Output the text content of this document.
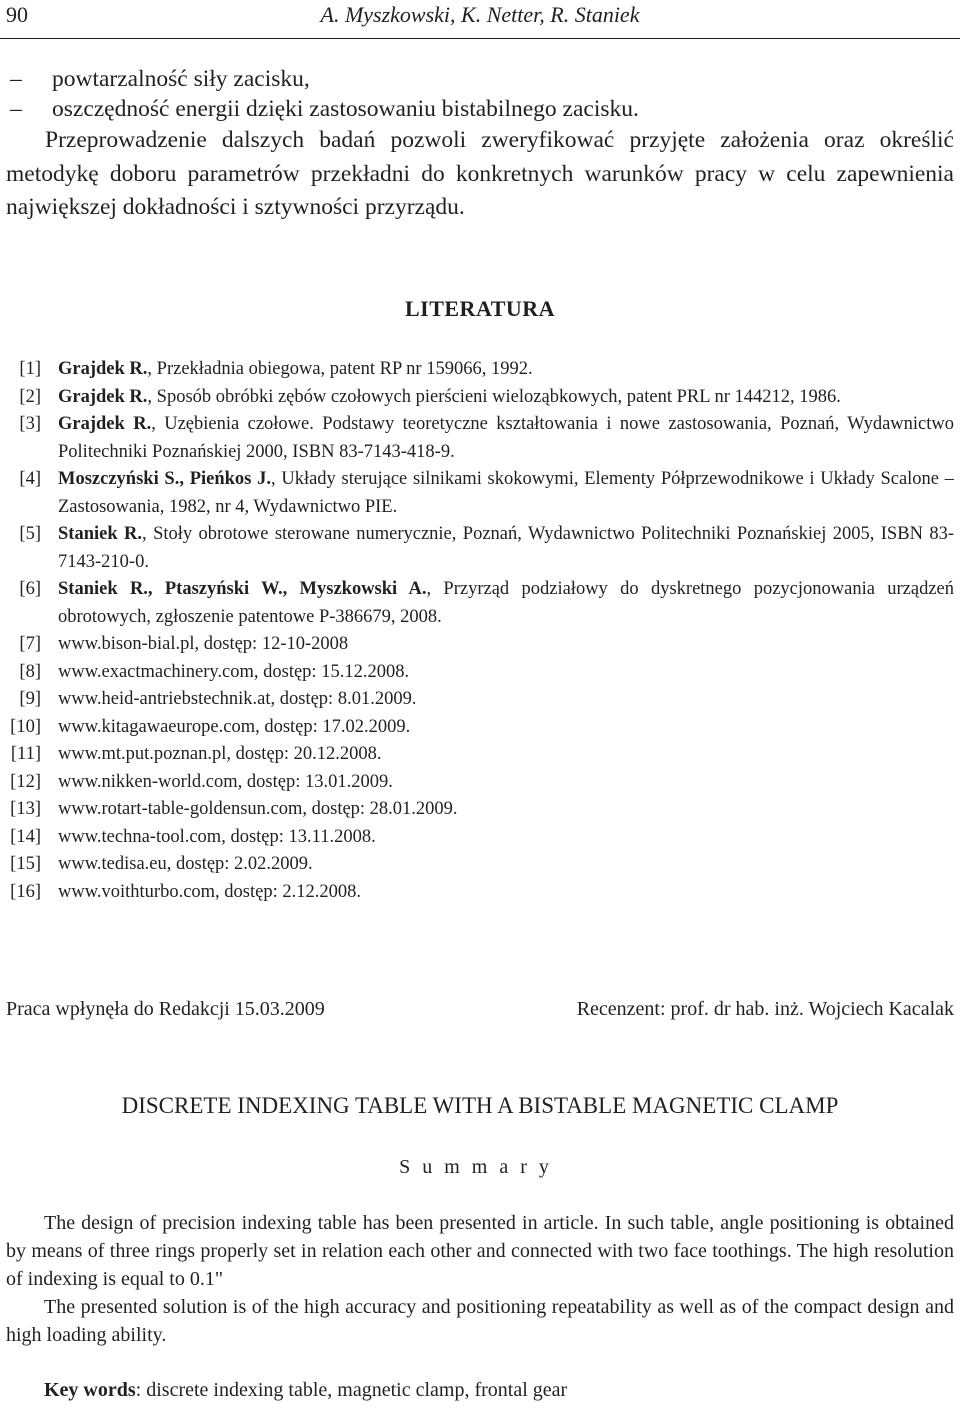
90	A. Myszkowski, K. Netter, R. Staniek
– powtarzalność siły zacisku,
– oszczędność energii dzięki zastosowaniu bistabilnego zacisku.

Przeprowadzenie dalszych badań pozwoli zweryfikować przyjęte założenia oraz określić metodykę doboru parametrów przekładni do konkretnych warunków pracy w celu zapewnienia największej dokładności i sztywności przyrządu.

LITERATURA
[1] Grajdek R., Przekładnia obiegowa, patent RP nr 159066, 1992.
[2] Grajdek R., Sposób obróbki zębów czołowych pierścieni wieloząbkowych, patent PRL nr 144212, 1986.
[3] Grajdek R., Uzębienia czołowe. Podstawy teoretyczne kształtowania i nowe zastosowania, Poznań, Wydawnictwo Politechniki Poznańskiej 2000, ISBN 83-7143-418-9.
[4] Moszczyński S., Pieńkos J., Układy sterujące silnikami skokowymi, Elementy Półprzewodnikowe i Układy Scalone – Zastosowania, 1982, nr 4, Wydawnictwo PIE.
[5] Staniek R., Stoły obrotowe sterowane numerycznie, Poznań, Wydawnictwo Politechniki Poznańskiej 2005, ISBN 83-7143-210-0.
[6] Staniek R., Ptaszyński W., Myszkowski A., Przyrząd podziałowy do dyskretnego pozycjonowania urządzeń obrotowych, zgłoszenie patentowe P-386679, 2008.
[7] www.bison-bial.pl, dostęp: 12-10-2008
[8] www.exactmachinery.com, dostęp: 15.12.2008.
[9] www.heid-antriebstechnik.at, dostęp: 8.01.2009.
[10] www.kitagawaeurope.com, dostęp: 17.02.2009.
[11] www.mt.put.poznan.pl, dostęp: 20.12.2008.
[12] www.nikken-world.com, dostęp: 13.01.2009.
[13] www.rotart-table-goldensun.com, dostęp: 28.01.2009.
[14] www.techna-tool.com, dostęp: 13.11.2008.
[15] www.tedisa.eu, dostęp: 2.02.2009.
[16] www.voithturbo.com, dostęp: 2.12.2008.
Praca wpłynęła do Redakcji 15.03.2009	Recenzent: prof. dr hab. inż. Wojciech Kacalak
DISCRETE INDEXING TABLE WITH A BISTABLE MAGNETIC CLAMP
Summary

The design of precision indexing table has been presented in article. In such table, angle positioning is obtained by means of three rings properly set in relation each other and connected with two face toothings. The high resolution of indexing is equal to 0.1"

The presented solution is of the high accuracy and positioning repeatability as well as of the compact design and high loading ability.

Key words: discrete indexing table, magnetic clamp, frontal gear
